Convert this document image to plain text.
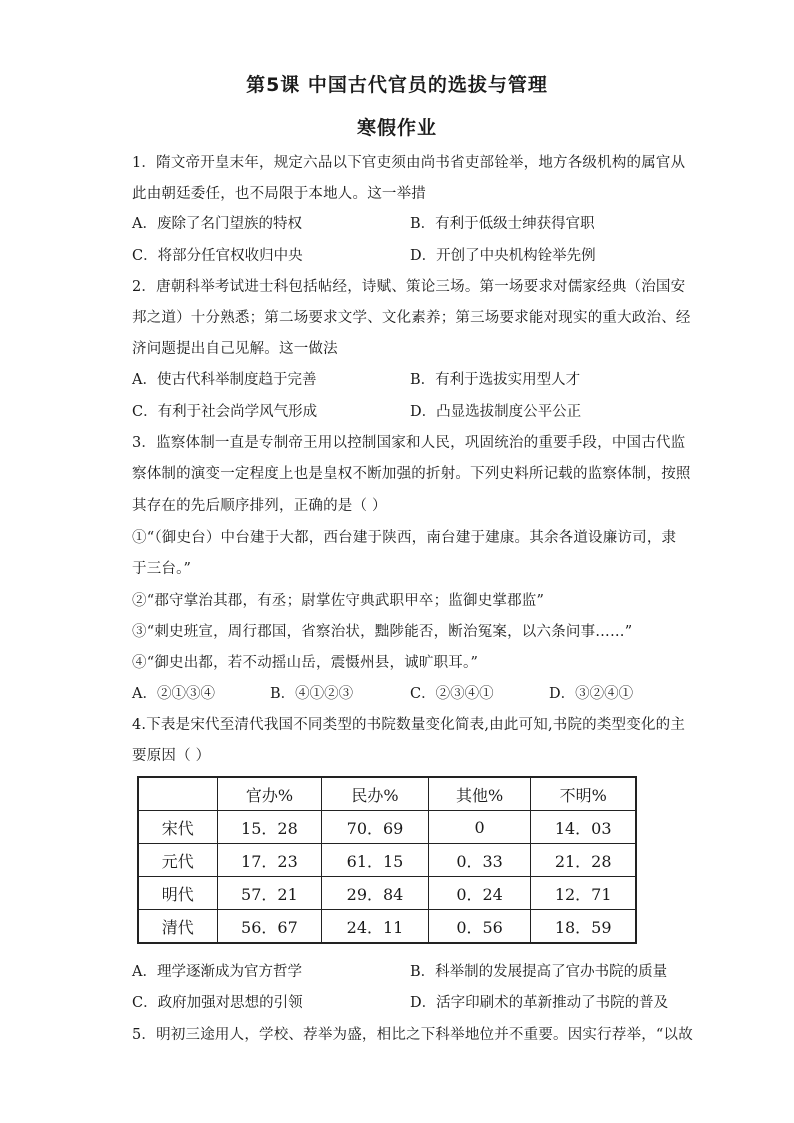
第5课 中国古代官员的选拔与管理
寒假作业
1．隋文帝开皇末年，规定六品以下官吏须由尚书省吏部铨举，地方各级机构的属官从
此由朝廷委任，也不局限于本地人。这一举措
A．废除了名门望族的特权	B．有利于低级士绅获得官职
C．将部分任官权收归中央	D．开创了中央机构铨举先例
2．唐朝科举考试进士科包括帖经，诗赋、策论三场。第一场要求对儒家经典（治国安
邦之道）十分熟悉；第二场要求文学、文化素养；第三场要求能对现实的重大政治、经
济问题提出自己见解。这一做法
A．使古代科举制度趋于完善	B．有利于选拔实用型人才
C．有利于社会尚学风气形成	D．凸显选拔制度公平公正
3．监察体制一直是专制帝王用以控制国家和人民，巩固统治的重要手段，中国古代监
察体制的演变一定程度上也是皇权不断加强的折射。下列史料所记载的监察体制，按照
其存在的先后顺序排列，正确的是（ ）
①“（御史台）中台建于大都，西台建于陕西，南台建于建康。其余各道设廉访司，隶
于三台。”
②“郡守掌治其郡，有丞；尉掌佐守典武职甲卒；监御史掌郡监”
③“刺史班宣，周行郡国，省察治状，黜陟能否，断治冤案，以六条问事……”
④“御史出都，若不动摇山岳，震慑州县，诚旷职耳。”
A．②①③④	B．④①②③	C．②③④①	D．③②④①
4.下表是宋代至清代我国不同类型的书院数量变化简表,由此可知,书院的类型变化的主
要原因（ ）
	官办%	民办%	其他%	不明%
宋代	15．28	70．69	0	14．03
元代	17．23	61．15	0．33	21．28
明代	57．21	29．84	0．24	12．71
清代	56．67	24．11	0．56	18．59
A．理学逐渐成为官方哲学	B．科举制的发展提高了官办书院的质量
C．政府加强对思想的引领	D．活字印刷术的革新推动了书院的普及
5．明初三途用人，学校、荐举为盛，相比之下科举地位并不重要。因实行荐举，“以故
